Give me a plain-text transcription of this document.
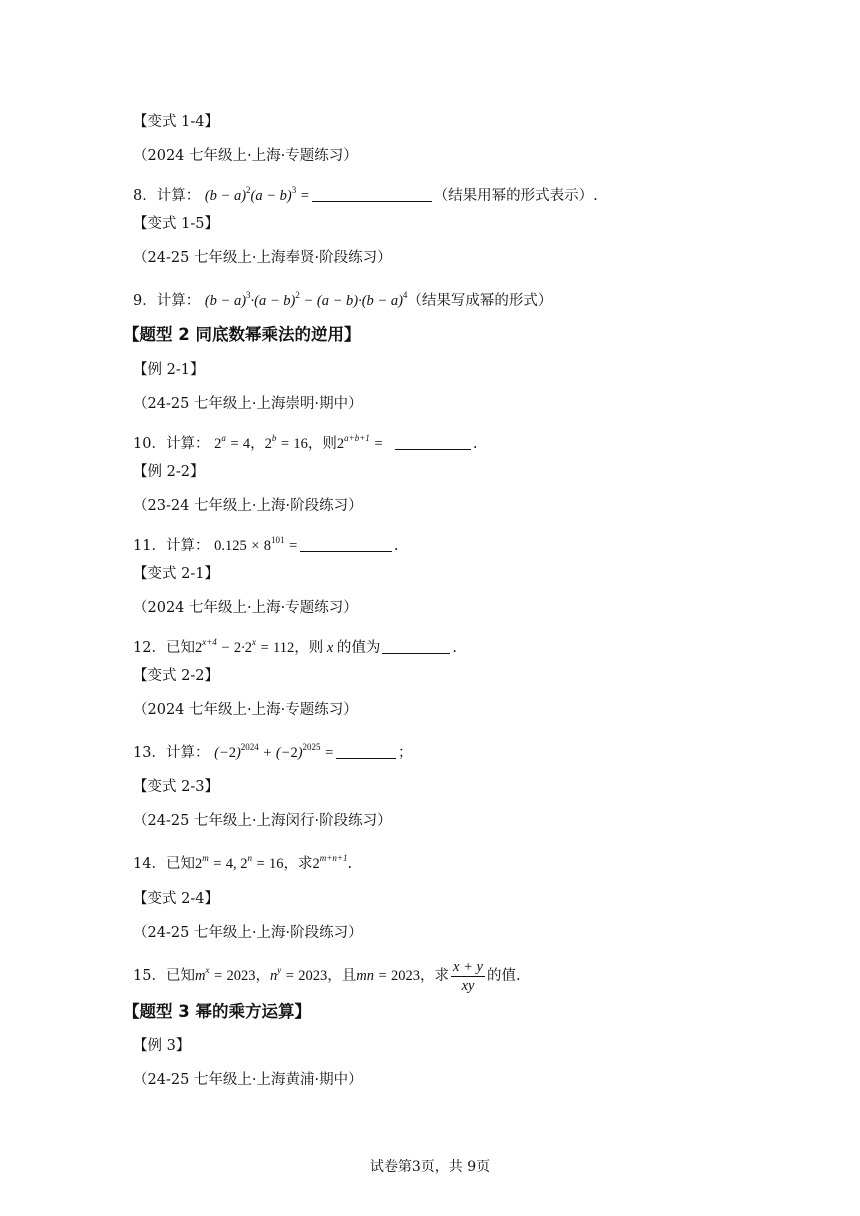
【变式 1-4】
（2024 七年级上·上海·专题练习）
8．计算： $(b - a)^2(a - b)^3$ =	（结果用幂的形式表示）.
【变式 1-5】
（24-25 七年级上·上海奉贤·阶段练习）
9．计算： $(b - a)^3\cdot(a - b)^2 - (a - b)\cdot(b - a)^4$（结果写成幂的形式）
【题型 2 同底数幂乘法的逆用】
【例 2-1】
（24-25 七年级上·上海崇明·期中）
10．计算： $2^a = 4$，$2^b = 16$，则$2^{a+b+1}$ =	.
【例 2-2】
（23-24 七年级上·上海·阶段练习）
11．计算： $0.125 \times 8^{101}$ =	.
【变式 2-1】
（2024 七年级上·上海·专题练习）
12．已知$2^{x+4} - 2\cdot 2^x = 112$，则 x 的值为	.
【变式 2-2】
（2024 七年级上·上海·专题练习）
13．计算： $(-2)^{2024} + (-2)^{2025}$ =	；
【变式 2-3】
（24-25 七年级上·上海闵行·阶段练习）
14．已知$2^m = 4$, $2^n = 16$，求$2^{m+n+1}$.
【变式 2-4】
（24-25 七年级上·上海·阶段练习）
15．已知$m^x = 2023$，$n^y = 2023$，且mn = 2023，求 $\frac{x + y}{xy}$ 的值.
【题型 3 幂的乘方运算】
【例 3】
（24-25 七年级上·上海黄浦·期中）
试卷第3页，共 9页
